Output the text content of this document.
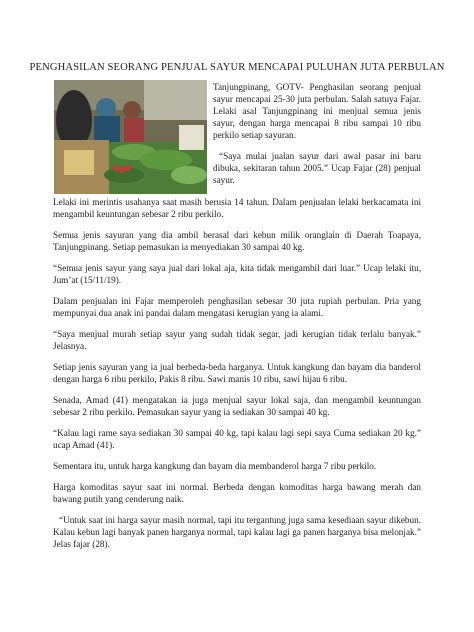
PENGHASILAN SEORANG PENJUAL SAYUR MENCAPAI PULUHAN JUTA PERBULAN

Tanjungpinang, GOTV- Penghasilan seorang penjual sayur mencapai 25-30 juta perbulan. Salah satuya Fajar. Lelaki asal Tanjungpinang ini menjual semua jenis sayur, dengan harga mencapai 8 ribu sampai 10 ribu perkilo setiap sayuran.

“Saya mulai jualan sayur dari awal pasar ini baru dibuka, sekitaran tahun 2005.” Ucap Fajar (28) penjual sayur.

Lelaki ini merintis usahanya saat masih berusia 14 tahun. Dalam penjualan lelaki berkacamata ini mengambil keuntungan sebesar 2 ribu perkilo.

Semua jenis sayuran yang dia ambil berasal dari kebun milik oranglain di Daerah Toapaya, Tanjungpinang. Setiap pemasukan ia menyediakan 30 sampai 40 kg.

“Semua jenis sayur yang saya jual dari lokal aja, kita tidak mengambil dari luar.” Ucap lelaki itu, Jum’at (15/11/19).

Dalam penjualan ini Fajar memperoleh penghasilan sebesar 30 juta rupiah perbulan. Pria yang mempunyai dua anak ini pandai dalam mengatasi kerugian yang ia alami.

“Saya menjual murah setiap sayur yang sudah tidak segar, jadi kerugian tidak terlalu banyak.” Jelasnya.

Setiap jenis sayuran yang ia jual berbeda-beda harganya. Untuk kangkung dan bayam dia banderol dengan harga 6 ribu perkilo, Pakis 8 ribu. Sawi manis 10 ribu, sawi hijau 6 ribu.

Senada, Amad (41) mengatakan ia juga menjual sayur lokal saja, dan mengambil keuntungan sebesar 2 ribu perkilo. Pemasukan sayur yang ia sediakan 30 sampai 40 kg.

“Kalau lagi rame saya sediakan 30 sampai 40 kg, tapi kalau lagi sepi saya Cuma sediakan 20 kg.” ucap Amad (41).

Sementara itu, untuk harga kangkung dan bayam dia membanderol harga 7 ribu perkilo.

Harga komoditas sayur saat ini normal. Berbeda dengan komoditas harga bawang merah dan bawang putih yang cenderung naik.

“Untuk saat ini harga sayur masih normal, tapi itu tergantung juga sama kesediaan sayur dikebun. Kalau kebun lagi banyak panen harganya normal, tapi kalau lagi ga panen harganya bisa melonjak.” Jelas fajar (28).
